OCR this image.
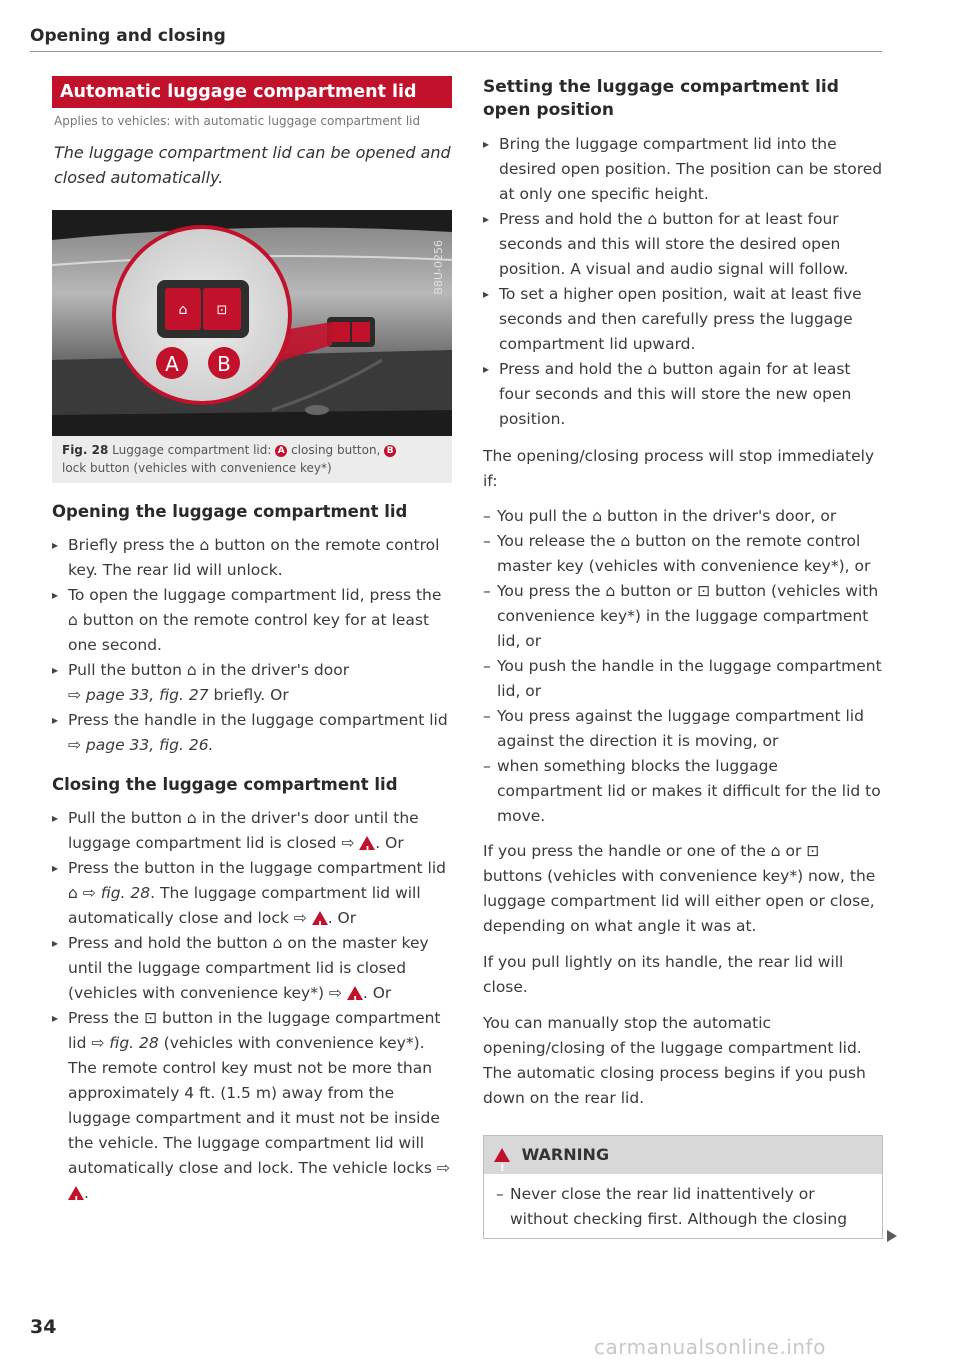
Opening and closing
Automatic luggage compartment lid
Applies to vehicles: with automatic luggage compartment lid
The luggage compartment lid can be opened and closed automatically.
⌂ ⊡
A B
B8U-0256
Fig. 28 Luggage compartment lid: A closing button, B
lock button (vehicles with convenience key*)
Opening the luggage compartment lid
▸ Briefly press the ⌂ button on the remote control key. The rear lid will unlock.
▸ To open the luggage compartment lid, press the ⌂ button on the remote control key for at least one second.
▸ Pull the button ⌂ in the driver's door
⇨ page 33, fig. 27 briefly. Or
▸ Press the handle in the luggage compartment lid ⇨ page 33, fig. 26.
Closing the luggage compartment lid
▸ Pull the button ⌂ in the driver's door until the luggage compartment lid is closed ⇨ ! . Or
▸ Press the button in the luggage compartment lid ⌂ ⇨ fig. 28. The luggage compartment lid will automatically close and lock ⇨ ! . Or
▸ Press and hold the button ⌂ on the master key until the luggage compartment lid is closed (vehicles with convenience key*) ⇨ ! . Or
▸ Press the ⊡ button in the luggage compartment lid ⇨ fig. 28 (vehicles with convenience key*). The remote control key must not be more than approximately 4 ft. (1.5 m) away from the luggage compartment and it must not be inside the vehicle. The luggage compartment lid will automatically close and lock. The vehicle locks ⇨ !.
Setting the luggage compartment lid open position
▸ Bring the luggage compartment lid into the desired open position. The position can be stored at only one specific height.
▸ Press and hold the ⌂ button for at least four seconds and this will store the desired open position. A visual and audio signal will follow.
▸ To set a higher open position, wait at least five seconds and then carefully press the luggage compartment lid upward.
▸ Press and hold the ⌂ button again for at least four seconds and this will store the new open position.
The opening/closing process will stop immediately if:
– You pull the ⌂ button in the driver's door, or
– You release the ⌂ button on the remote control master key (vehicles with convenience key*), or
– You press the ⌂ button or ⊡ button (vehicles with convenience key*) in the luggage compartment lid, or
– You push the handle in the luggage compartment lid, or
– You press against the luggage compartment lid against the direction it is moving, or
– when something blocks the luggage compartment lid or makes it difficult for the lid to move.
If you press the handle or one of the ⌂ or ⊡ buttons (vehicles with convenience key*) now, the luggage compartment lid will either open or close, depending on what angle it was at.
If you pull lightly on its handle, the rear lid will close.
You can manually stop the automatic opening/closing of the luggage compartment lid. The automatic closing process begins if you push down on the rear lid.
! WARNING
– Never close the rear lid inattentively or without checking first. Although the closing
34
carmanualsonline.info
